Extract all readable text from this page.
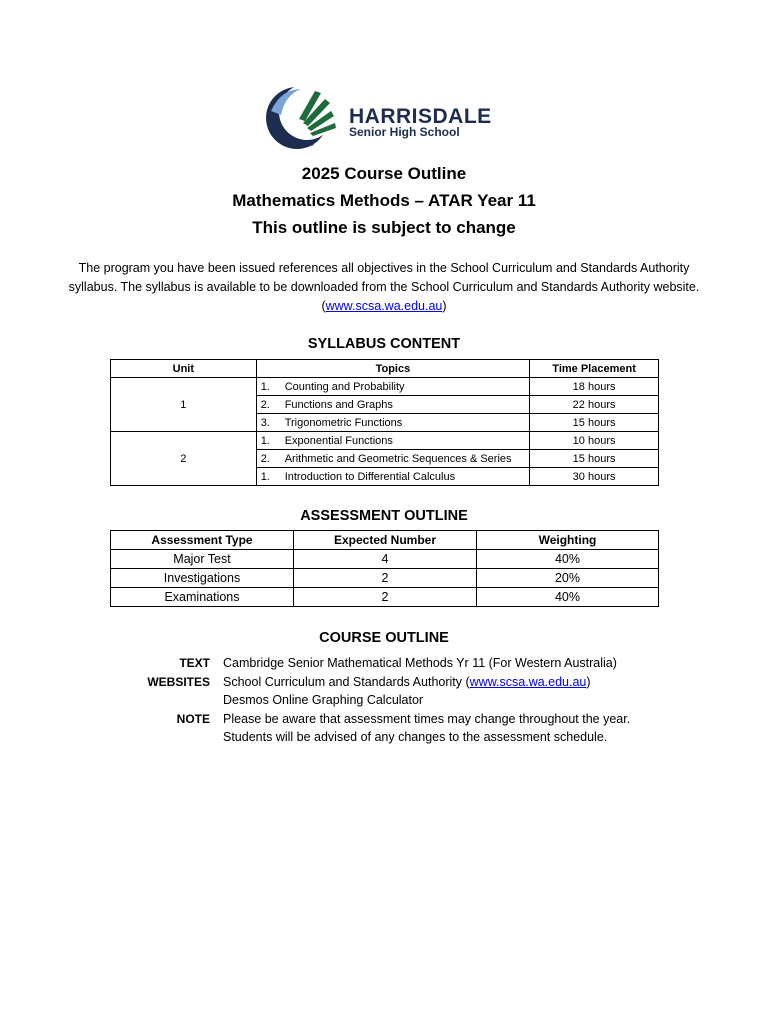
HARRISDALE
Senior High School
2025 Course Outline
Mathematics Methods – ATAR Year 11
This outline is subject to change
The program you have been issued references all objectives in the School Curriculum and Standards Authority syllabus. The syllabus is available to be downloaded from the School Curriculum and Standards Authority website. (www.scsa.wa.edu.au)
SYLLABUS CONTENT
Unit	Topics	Time Placement
1	1. Counting and Probability	18 hours
	2. Functions and Graphs	22 hours
	3. Trigonometric Functions	15 hours
2	1. Exponential Functions	10 hours
	2. Arithmetic and Geometric Sequences & Series	15 hours
	1. Introduction to Differential Calculus	30 hours
ASSESSMENT OUTLINE
Assessment Type	Expected Number	Weighting
Major Test	4	40%
Investigations	2	20%
Examinations	2	40%
COURSE OUTLINE
TEXT	Cambridge Senior Mathematical Methods Yr 11 (For Western Australia)
WEBSITES	School Curriculum and Standards Authority (www.scsa.wa.edu.au)
Desmos Online Graphing Calculator
NOTE	Please be aware that assessment times may change throughout the year.
Students will be advised of any changes to the assessment schedule.
